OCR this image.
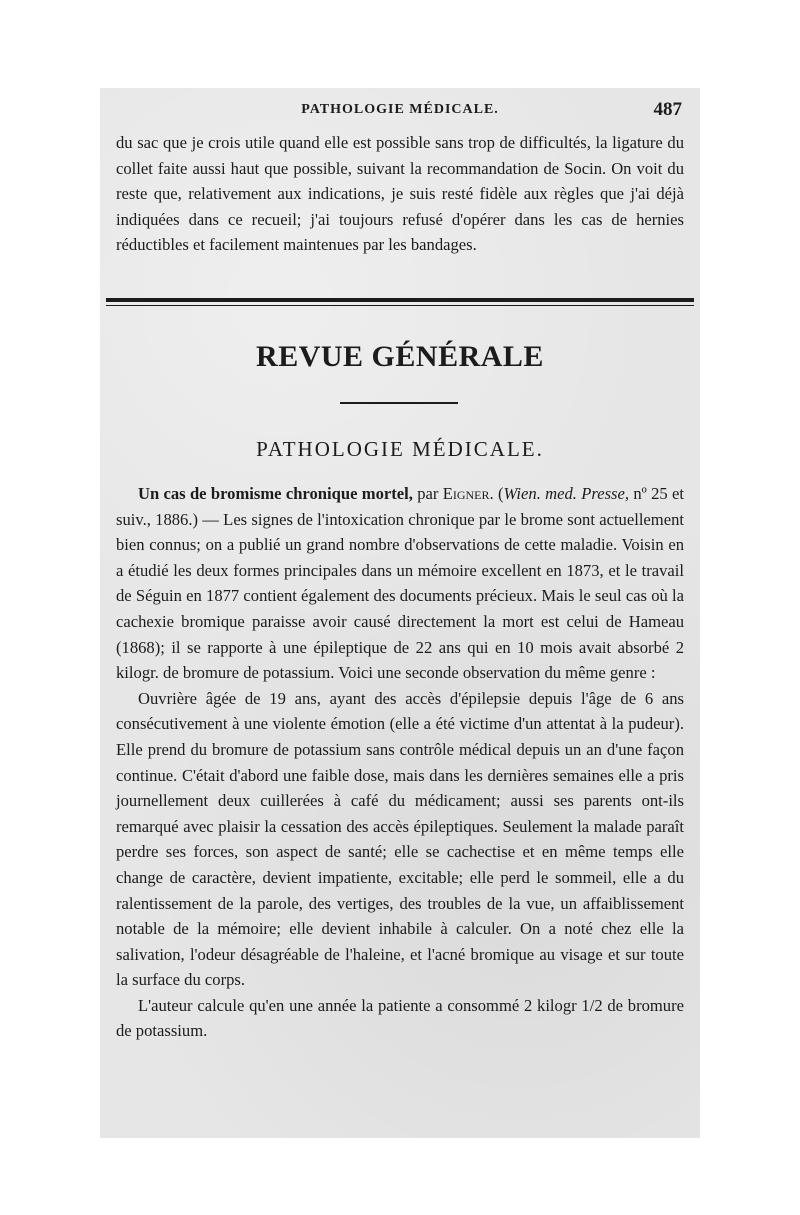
PATHOLOGIE MÉDICALE.	487
du sac que je crois utile quand elle est possible sans trop de difficultés, la ligature du collet faite aussi haut que possible, suivant la recommandation de Socin. On voit du reste que, relativement aux indications, je suis resté fidèle aux règles que j'ai déjà indiquées dans ce recueil; j'ai toujours refusé d'opérer dans les cas de hernies réductibles et facilement maintenues par les bandages.
REVUE GÉNÉRALE
PATHOLOGIE MÉDICALE.

Un cas de bromisme chronique mortel, par Eigner. (Wien. med. Presse, nº 25 et suiv., 1886.) — Les signes de l'intoxication chronique par le brome sont actuellement bien connus; on a publié un grand nombre d'observations de cette maladie. Voisin en a étudié les deux formes principales dans un mémoire excellent en 1873, et le travail de Séguin en 1877 contient également des documents précieux. Mais le seul cas où la cachexie bromique paraisse avoir causé directement la mort est celui de Hameau (1868); il se rapporte à une épileptique de 22 ans qui en 10 mois avait absorbé 2 kilogr. de bromure de potassium. Voici une seconde observation du même genre :

Ouvrière âgée de 19 ans, ayant des accès d'épilepsie depuis l'âge de 6 ans consécutivement à une violente émotion (elle a été victime d'un attentat à la pudeur). Elle prend du bromure de potassium sans contrôle médical depuis un an d'une façon continue. C'était d'abord une faible dose, mais dans les dernières semaines elle a pris journellement deux cuillerées à café du médicament; aussi ses parents ont-ils remarqué avec plaisir la cessation des accès épileptiques. Seulement la malade paraît perdre ses forces, son aspect de santé; elle se cachectise et en même temps elle change de caractère, devient impatiente, excitable; elle perd le sommeil, elle a du ralentissement de la parole, des vertiges, des troubles de la vue, un affaiblissement notable de la mémoire; elle devient inhabile à calculer. On a noté chez elle la salivation, l'odeur désagréable de l'haleine, et l'acné bromique au visage et sur toute la surface du corps.

L'auteur calcule qu'en une année la patiente a consommé 2 kilogr 1/2 de bromure de potassium.
